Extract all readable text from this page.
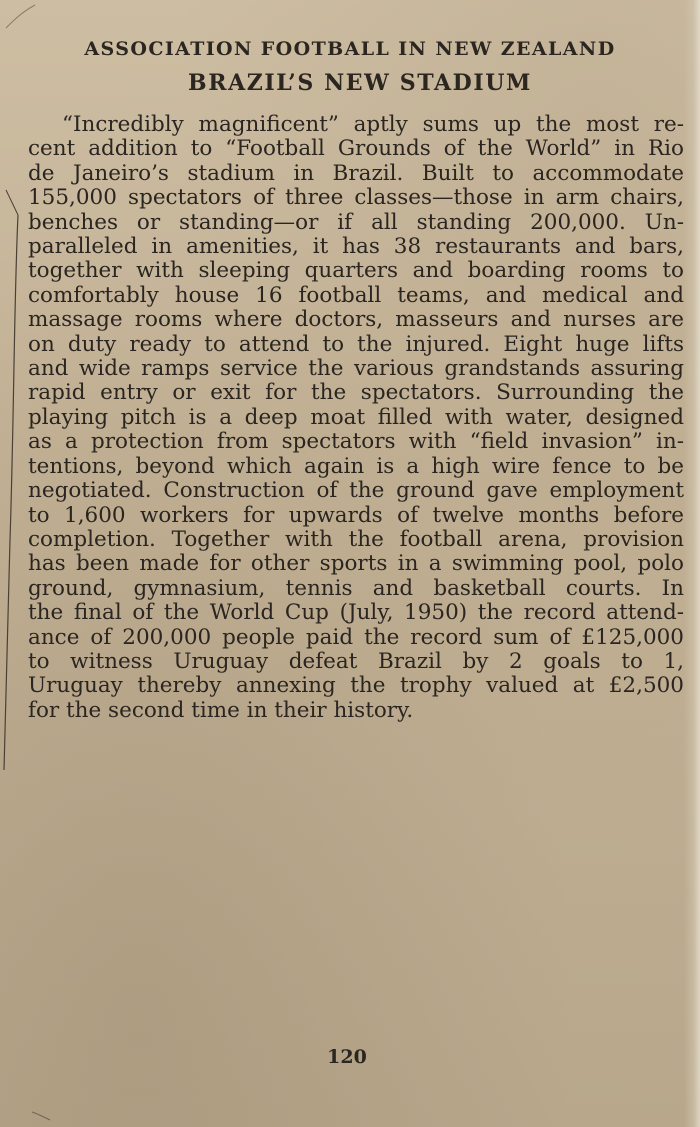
ASSOCIATION FOOTBALL IN NEW ZEALAND
BRAZIL’S NEW STADIUM
“Incredibly magnificent” aptly sums up the most re-
cent addition to “Football Grounds of the World” in Rio
de Janeiro’s stadium in Brazil. Built to accommodate
155,000 spectators of three classes—those in arm chairs,
benches or standing—or if all standing 200,000. Un-
paralleled in amenities, it has 38 restaurants and bars,
together with sleeping quarters and boarding rooms to
comfortably house 16 football teams, and medical and
massage rooms where doctors, masseurs and nurses are
on duty ready to attend to the injured. Eight huge lifts
and wide ramps service the various grandstands assuring
rapid entry or exit for the spectators. Surrounding the
playing pitch is a deep moat filled with water, designed
as a protection from spectators with “field invasion” in-
tentions, beyond which again is a high wire fence to be
negotiated. Construction of the ground gave employment
to 1,600 workers for upwards of twelve months before
completion. Together with the football arena, provision
has been made for other sports in a swimming pool, polo
ground, gymnasium, tennis and basketball courts. In
the final of the World Cup (July, 1950) the record attend-
ance of 200,000 people paid the record sum of £125,000
to witness Uruguay defeat Brazil by 2 goals to 1,
Uruguay thereby annexing the trophy valued at £2,500
for the second time in their history.
120
